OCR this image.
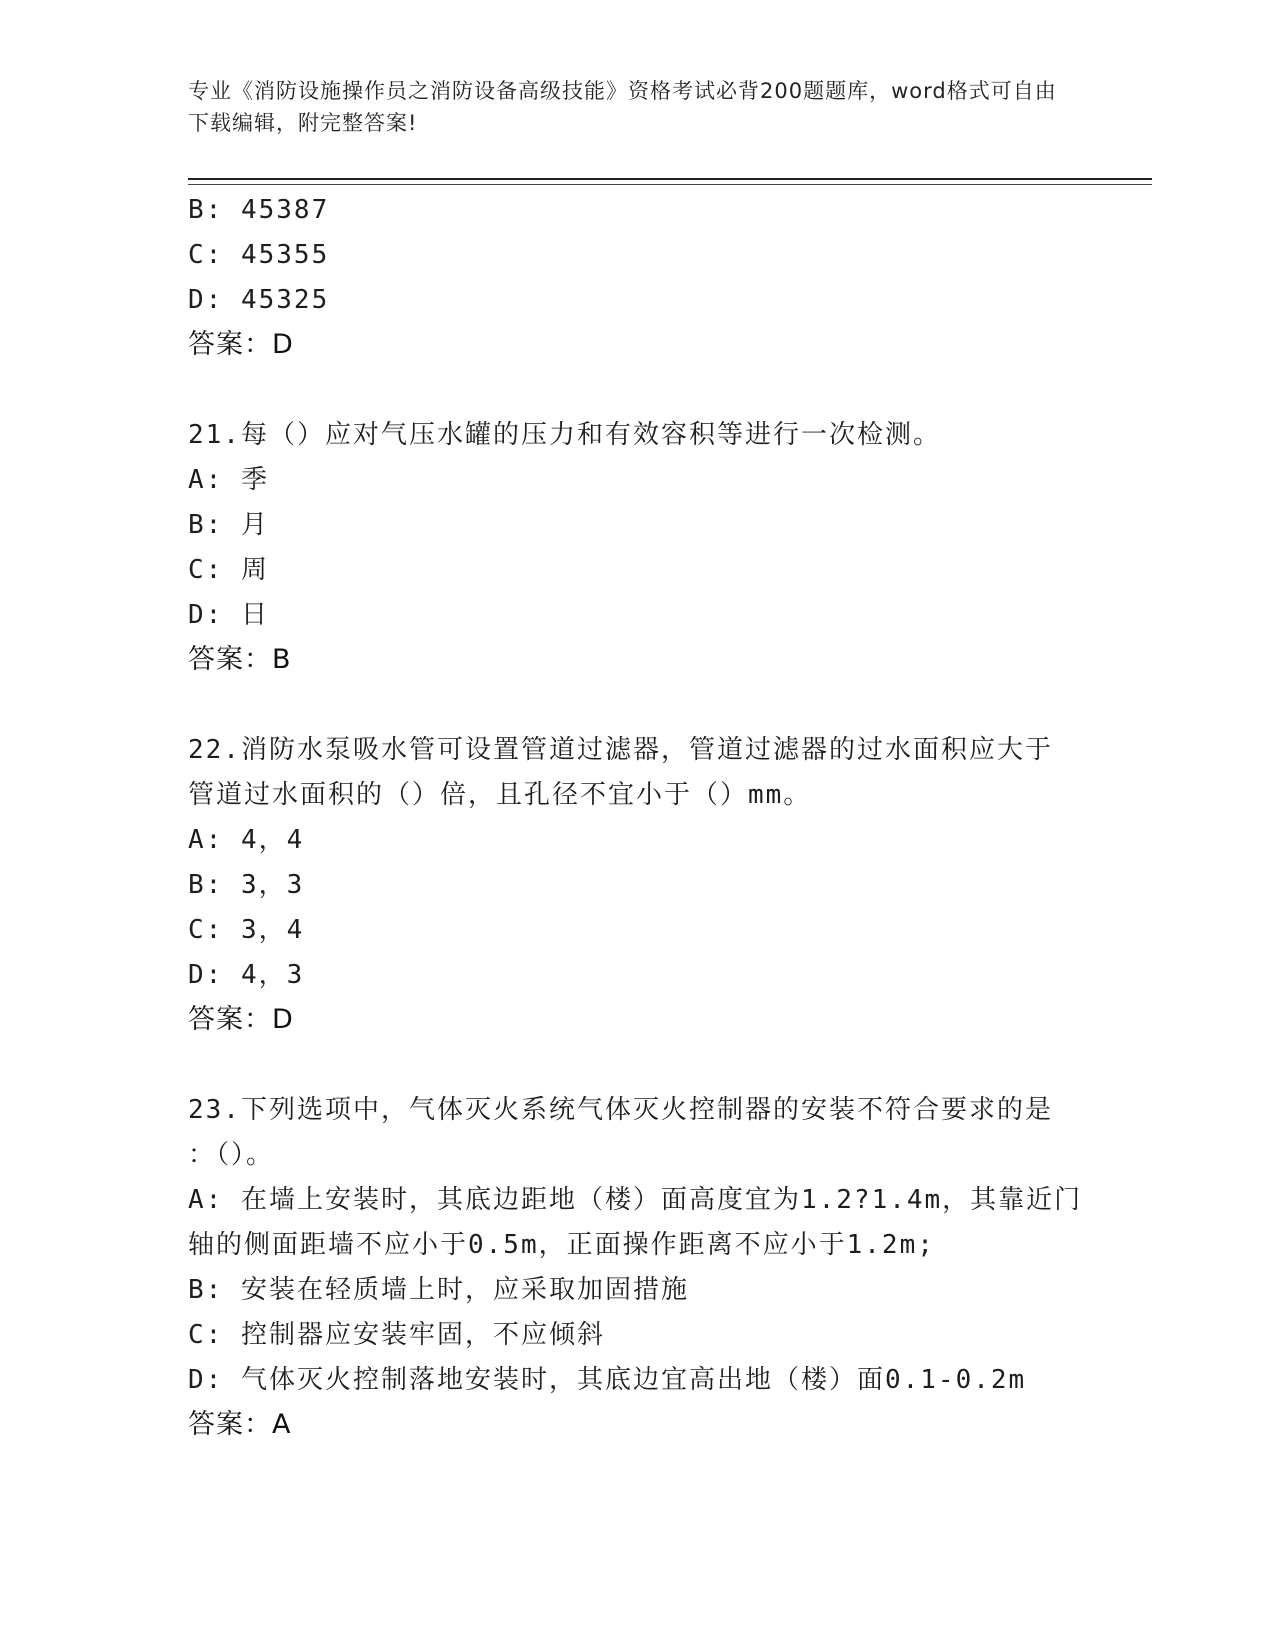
专业《消防设施操作员之消防设备高级技能》资格考试必背200题题库，word格式可自由下载编辑，附完整答案!
B: 45387
C: 45355
D: 45325
答案：D
21.每（）应对气压水罐的压力和有效容积等进行一次检测。
A: 季
B: 月
C: 周
D: 日
答案：B
22.消防水泵吸水管可设置管道过滤器，管道过滤器的过水面积应大于
管道过水面积的（）倍，且孔径不宜小于（）mm。
A: 4，4
B: 3，3
C: 3，4
D: 4，3
答案：D
23.下列选项中，气体灭火系统气体灭火控制器的安装不符合要求的是
：（）。
A: 在墙上安装时，其底边距地（楼）面高度宜为1.2?1.4m，其靠近门
轴的侧面距墙不应小于0.5m，正面操作距离不应小于1.2m;
B: 安装在轻质墙上时，应采取加固措施
C: 控制器应安装牢固，不应倾斜
D: 气体灭火控制落地安装时，其底边宜高出地（楼）面0.1-0.2m
答案：A
